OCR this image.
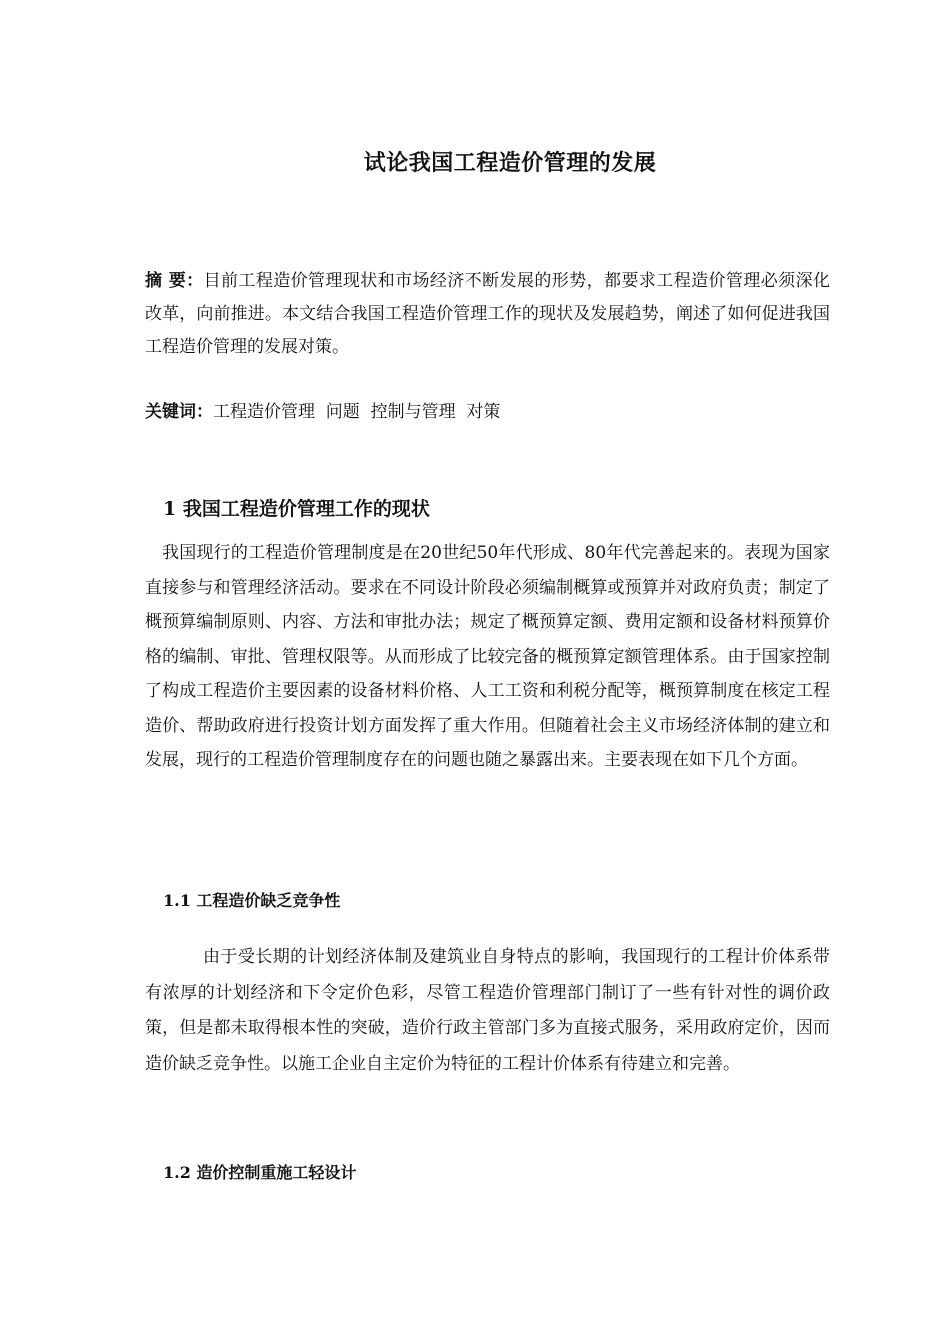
试论我国工程造价管理的发展
摘 要：目前工程造价管理现状和市场经济不断发展的形势，都要求工程造价管理必须深化改革，向前推进。本文结合我国工程造价管理工作的现状及发展趋势，阐述了如何促进我国工程造价管理的发展对策。
关键词：工程造价管理  问题  控制与管理  对策
1 我国工程造价管理工作的现状
我国现行的工程造价管理制度是在20世纪50年代形成、80年代完善起来的。表现为国家直接参与和管理经济活动。要求在不同设计阶段必须编制概算或预算并对政府负责；制定了概预算编制原则、内容、方法和审批办法；规定了概预算定额、费用定额和设备材料预算价格的编制、审批、管理权限等。从而形成了比较完备的概预算定额管理体系。由于国家控制了构成工程造价主要因素的设备材料价格、人工工资和利税分配等，概预算制度在核定工程造价、帮助政府进行投资计划方面发挥了重大作用。但随着社会主义市场经济体制的建立和发展，现行的工程造价管理制度存在的问题也随之暴露出来。主要表现在如下几个方面。
1.1 工程造价缺乏竞争性
由于受长期的计划经济体制及建筑业自身特点的影响，我国现行的工程计价体系带有浓厚的计划经济和下令定价色彩，尽管工程造价管理部门制订了一些有针对性的调价政策，但是都未取得根本性的突破，造价行政主管部门多为直接式服务，采用政府定价，因而造价缺乏竞争性。以施工企业自主定价为特征的工程计价体系有待建立和完善。
1.2 造价控制重施工轻设计
